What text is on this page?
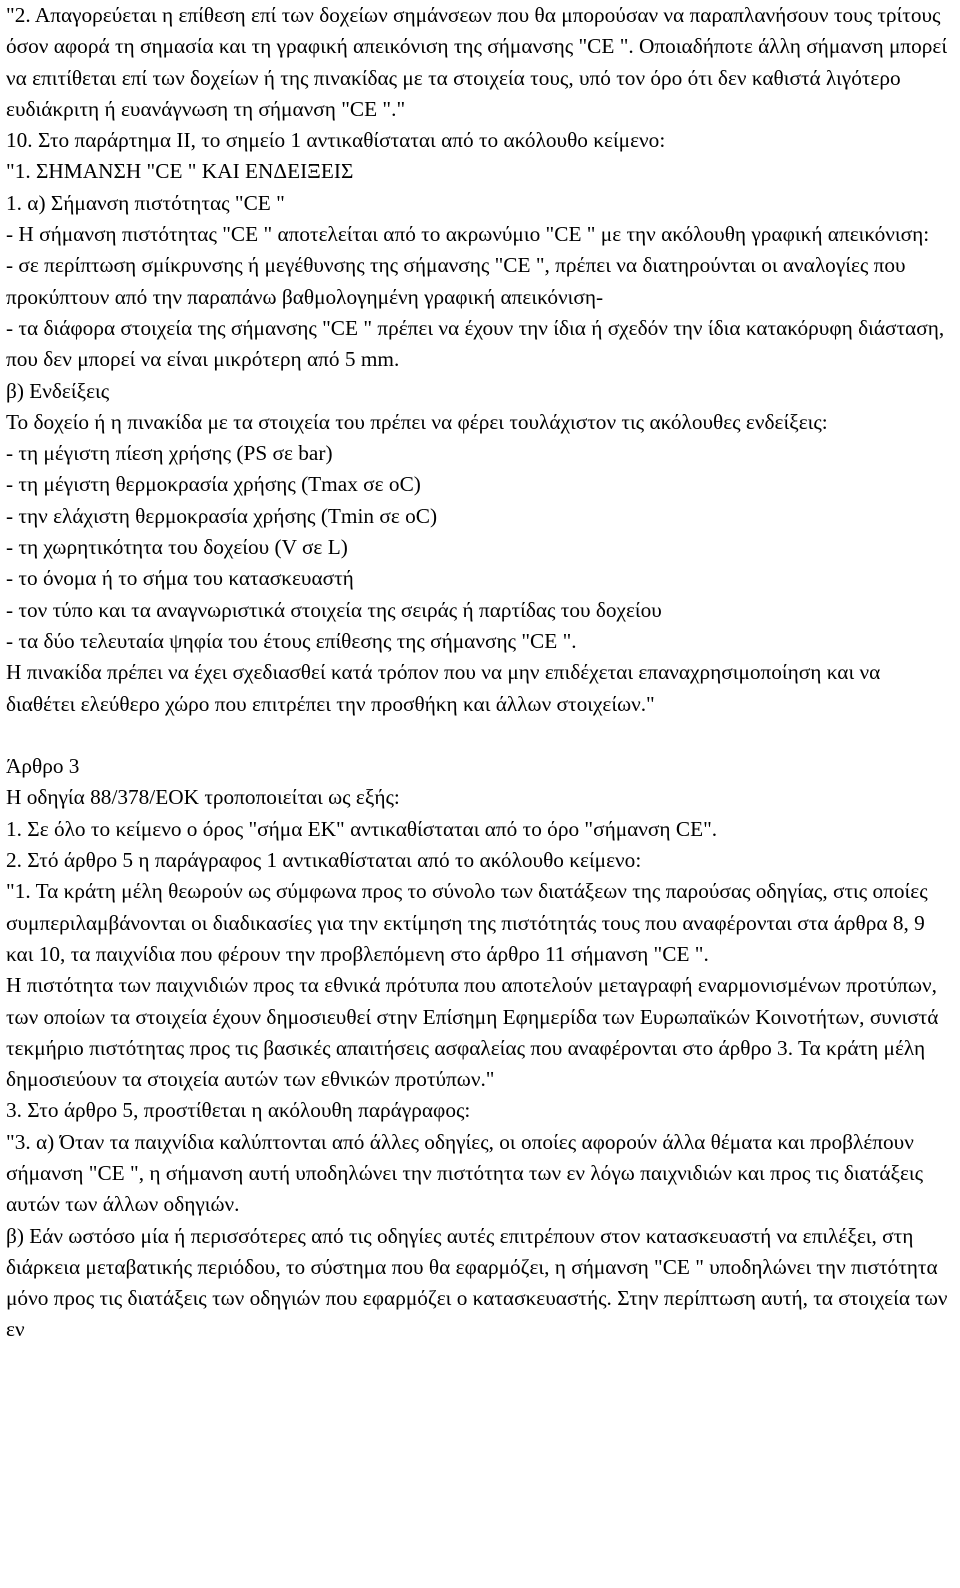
"2. Απαγορεύεται η επίθεση επί των δοχείων σημάνσεων που θα μπορούσαν να παραπλανήσουν τους τρίτους όσον αφορά τη σημασία και τη γραφική απεικόνιση της σήμανσης "CE ". Οποιαδήποτε άλλη σήμανση μπορεί να επιτίθεται επί των δοχείων ή της πινακίδας με τα στοιχεία τους, υπό τον όρο ότι δεν καθιστά λιγότερο ευδιάκριτη ή ευανάγνωση τη σήμανση "CE "."

10. Στο παράρτημα ΙΙ, το σημείο 1 αντικαθίσταται από το ακόλουθο κείμενο:

"1. ΣΗΜΑΝΣΗ "CE " ΚΑΙ ΕΝΔΕΙΞΕΙΣ

1. α) Σήμανση πιστότητας "CE "

- Η σήμανση πιστότητας "CE " αποτελείται από το ακρωνύμιο "CE " με την ακόλουθη γραφική απεικόνιση:

- σε περίπτωση σμίκρυνσης ή μεγέθυνσης της σήμανσης "CE ", πρέπει να διατηρούνται οι αναλογίες που προκύπτουν από την παραπάνω βαθμολογημένη γραφική απεικόνιση-

- τα διάφορα στοιχεία της σήμανσης "CE " πρέπει να έχουν την ίδια ή σχεδόν την ίδια κατακόρυφη διάσταση, που δεν μπορεί να είναι μικρότερη από 5 mm.

β) Ενδείξεις

Το δοχείο ή η πινακίδα με τα στοιχεία του πρέπει να φέρει τουλάχιστον τις ακόλουθες ενδείξεις:

- τη μέγιστη πίεση χρήσης (PS σε bar)

- τη μέγιστη θερμοκρασία χρήσης (Tmax σε oC)

- την ελάχιστη θερμοκρασία χρήσης (Tmin σε oC)

- τη χωρητικότητα του δοχείου (V σε L)

- το όνομα ή το σήμα του κατασκευαστή

- τον τύπο και τα αναγνωριστικά στοιχεία της σειράς ή παρτίδας του δοχείου

- τα δύο τελευταία ψηφία του έτους επίθεσης της σήμανσης "CE ".

Η πινακίδα πρέπει να έχει σχεδιασθεί κατά τρόπον που να μην επιδέχεται επαναχρησιμοποίηση και να διαθέτει ελεύθερο χώρο που επιτρέπει την προσθήκη και άλλων στοιχείων."

Άρθρο 3

Η οδηγία 88/378/ΕΟΚ τροποποιείται ως εξής:

1. Σε όλο το κείμενο ο όρος "σήμα ΕΚ" αντικαθίσταται από το όρο "σήμανση CE".

2. Στό άρθρο 5 η παράγραφος 1 αντικαθίσταται από το ακόλουθο κείμενο:

"1. Τα κράτη μέλη θεωρούν ως σύμφωνα προς το σύνολο των διατάξεων της παρούσας οδηγίας, στις οποίες συμπεριλαμβάνονται οι διαδικασίες για την εκτίμηση της πιστότητάς τους που αναφέρονται στα άρθρα 8, 9 και 10, τα παιχνίδια που φέρουν την προβλεπόμενη στο άρθρο 11 σήμανση "CE ".

Η πιστότητα των παιχνιδιών προς τα εθνικά πρότυπα που αποτελούν μεταγραφή εναρμονισμένων προτύπων, των οποίων τα στοιχεία έχουν δημοσιευθεί στην Επίσημη Εφημερίδα των Ευρωπαϊκών Κοινοτήτων, συνιστά τεκμήριο πιστότητας προς τις βασικές απαιτήσεις ασφαλείας που αναφέρονται στο άρθρο 3. Τα κράτη μέλη δημοσιεύουν τα στοιχεία αυτών των εθνικών προτύπων."

3. Στο άρθρο 5, προστίθεται η ακόλουθη παράγραφος:

"3. α) Όταν τα παιχνίδια καλύπτονται από άλλες οδηγίες, οι οποίες αφορούν άλλα θέματα και προβλέπουν σήμανση "CE ", η σήμανση αυτή υποδηλώνει την πιστότητα των εν λόγω παιχνιδιών και προς τις διατάξεις αυτών των άλλων οδηγιών.

β) Εάν ωστόσο μία ή περισσότερες από τις οδηγίες αυτές επιτρέπουν στον κατασκευαστή να επιλέξει, στη διάρκεια μεταβατικής περιόδου, το σύστημα που θα εφαρμόζει, η σήμανση "CE " υποδηλώνει την πιστότητα μόνο προς τις διατάξεις των οδηγιών που εφαρμόζει ο κατασκευαστής. Στην περίπτωση αυτή, τα στοιχεία των εν
